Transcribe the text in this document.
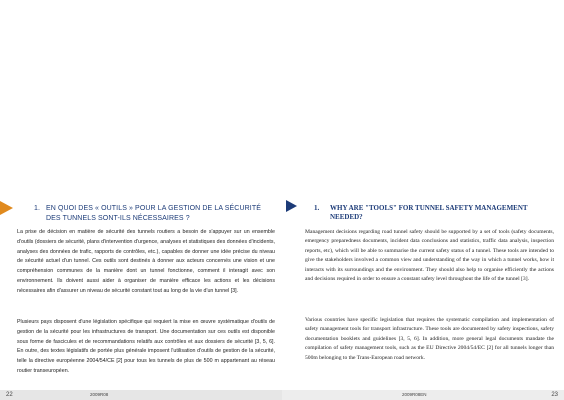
1. EN QUOI DES « OUTILS » POUR LA GESTION DE LA SÉCURITÉ DES TUNNELS SONT-ILS NÉCESSAIRES ?

La prise de décision en matière de sécurité des tunnels routiers a besoin de s'appuyer sur un ensemble d'outils (dossiers de sécurité, plans d'intervention d'urgence, analyses et statistiques des données d'incidents, analyses des données de trafic, rapports de contrôles, etc.), capables de donner une idée précise du niveau de sécurité actuel d'un tunnel. Ces outils sont destinés à donner aux acteurs concernés une vision et une compréhension communes de la manière dont un tunnel fonctionne, comment il interagit avec son environnement. Ils doivent aussi aider à organiser de manière efficace les actions et les décisions nécessaires afin d'assurer un niveau de sécurité constant tout au long de la vie d'un tunnel [3].

Plusieurs pays disposent d'une législation spécifique qui requiert la mise en œuvre systématique d'outils de gestion de la sécurité pour les infrastructures de transport. Une documentation sur ces outils est disponible sous forme de fascicules et de recommandations relatifs aux contrôles et aux dossiers de sécurité [3, 5, 6]. En outre, des textes législatifs de portée plus générale imposent l'utilisation d'outils de gestion de la sécurité, telle la directive européenne 2004/54/CE [2] pour tous les tunnels de plus de 500 m appartenant au réseau routier transeuropéen.

22	2009R08
1. WHY ARE "TOOLS" FOR TUNNEL SAFETY MANAGEMENT NEEDED?

Management decisions regarding road tunnel safety should be supported by a set of tools (safety documents, emergency preparedness documents, incident data conclusions and statistics, traffic data analysis, inspection reports, etc), which will be able to summarise the current safety status of a tunnel. These tools are intended to give the stakeholders involved a common view and understanding of the way in which a tunnel works, how it interacts with its surroundings and the environment. They should also help to organise efficiently the actions and decisions required in order to ensure a constant safety level throughout the life of the tunnel [3].

Various countries have specific legislation that requires the systematic compilation and implementation of safety management tools for transport infrastructure. These tools are documented by safety inspections, safety documentation booklets and guidelines [3, 5, 6]. In addition, more general legal documents mandate the compilation of safety management tools, such as the EU Directive 2004/54/EC [2] for all tunnels longer than 500m belonging to the Trans-European road network.

2009R08EN	23
